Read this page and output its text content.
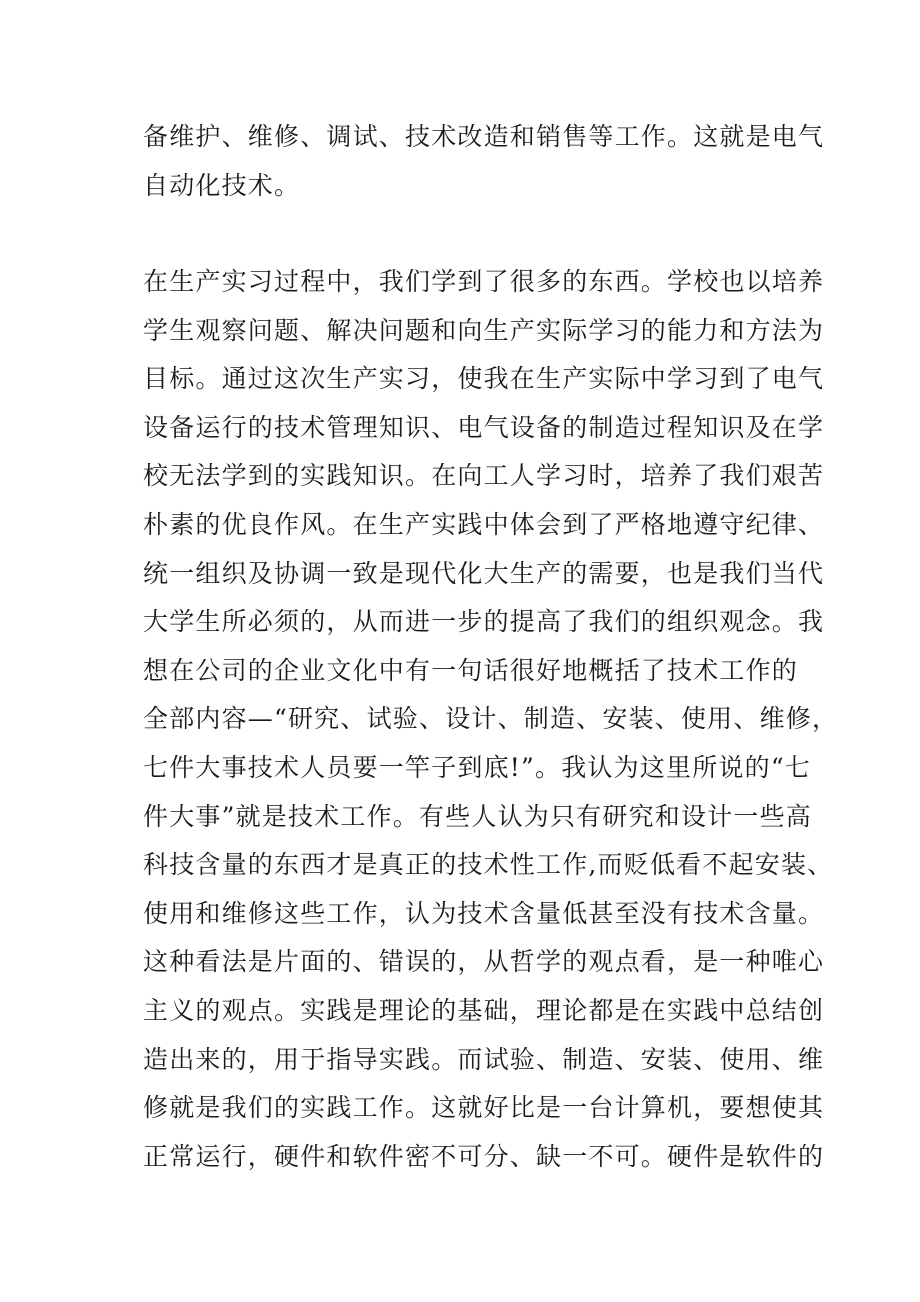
备维护、维修、调试、技术改造和销售等工作。这就是电气

自动化技术。

在生产实习过程中，我们学到了很多的东西。学校也以培养

学生观察问题、解决问题和向生产实际学习的能力和方法为

目标。通过这次生产实习，使我在生产实际中学习到了电气

设备运行的技术管理知识、电气设备的制造过程知识及在学

校无法学到的实践知识。在向工人学习时，培养了我们艰苦

朴素的优良作风。在生产实践中体会到了严格地遵守纪律、

统一组织及协调一致是现代化大生产的需要，也是我们当代

大学生所必须的，从而进一步的提高了我们的组织观念。我

想在公司的企业文化中有一句话很好地概括了技术工作的

全部内容—“研究、试验、设计、制造、安装、使用、维修，

七件大事技术人员要一竿子到底!”。我认为这里所说的“七

件大事”就是技术工作。有些人认为只有研究和设计一些高

科技含量的东西才是真正的技术性工作,而贬低看不起安装、

使用和维修这些工作，认为技术含量低甚至没有技术含量。

这种看法是片面的、错误的，从哲学的观点看，是一种唯心

主义的观点。实践是理论的基础，理论都是在实践中总结创

造出来的，用于指导实践。而试验、制造、安装、使用、维

修就是我们的实践工作。这就好比是一台计算机，要想使其

正常运行，硬件和软件密不可分、缺一不可。硬件是软件的
